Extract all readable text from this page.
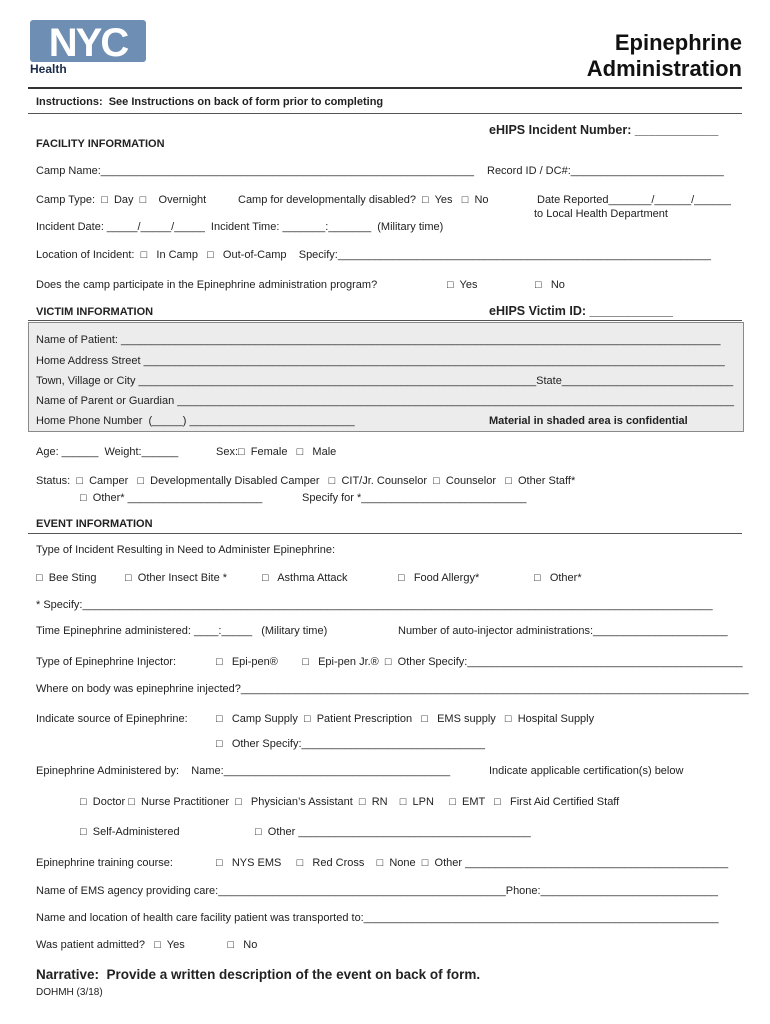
NYC
Health
Epinephrine
Administration
Instructions:  See Instructions on back of form prior to completing
eHIPS Incident Number: ____________
FACILITY INFORMATION
Camp Name:_____________________________________________________________ Record ID / DC#:_________________________
Camp Type:  □  Day  □    Overnight	Camp for developmentally disabled?  □  Yes   □  No	Date Reported_______/______/______
to Local Health Department
Incident Date: _____/_____/_____  Incident Time: _______:_______  (Military time)
Location of Incident:  □   In Camp   □   Out-of-Camp    Specify:_____________________________________________________________
Does the camp participate in the Epinephrine administration program?	□  Yes	□   No
VICTIM INFORMATION	eHIPS Victim ID: ____________
Name of Patient: __________________________________________________________________________________________________
Home Address Street _______________________________________________________________________________________________
Town, Village or City _________________________________________________________________State____________________________
Name of Parent or Guardian ___________________________________________________________________________________________
Home Phone Number  (_____) ___________________________	Material in shaded area is confidential
Age: ______  Weight:______	Sex:□  Female   □   Male
Status:  □  Camper   □  Developmentally Disabled Camper   □  CIT/Jr. Counselor  □  Counselor   □  Other Staff*
□  Other* ______________________	Specify for *___________________________
EVENT INFORMATION
Type of Incident Resulting in Need to Administer Epinephrine:
□  Bee Sting	□  Other Insect Bite *	□   Asthma Attack	□   Food Allergy*	□   Other*
* Specify:_______________________________________________________________________________________________________
Time Epinephrine administered: ____:_____   (Military time)	Number of auto-injector administrations:______________________
Type of Epinephrine Injector:	□   Epi-pen®        □   Epi-pen Jr.®  □  Other Specify:_____________________________________________
Where on body was epinephrine injected?___________________________________________________________________________________
Indicate source of Epinephrine:	□   Camp Supply  □  Patient Prescription   □   EMS supply   □  Hospital Supply
□   Other Specify:______________________________
Epinephrine Administered by:    Name:_____________________________________	Indicate applicable certification(s) below
□  Doctor □  Nurse Practitioner  □   Physician’s Assistant  □  RN    □  LPN     □  EMT   □   First Aid Certified Staff
□  Self-Administered	□  Other ______________________________________
Epinephrine training course:	□   NYS EMS     □   Red Cross    □  None  □  Other ___________________________________________
Name of EMS agency providing care:_______________________________________________Phone:_____________________________
Name and location of health care facility patient was transported to:__________________________________________________________
Was patient admitted?   □  Yes              □   No
Narrative:  Provide a written description of the event on back of form.
DOHMH (3/18)
